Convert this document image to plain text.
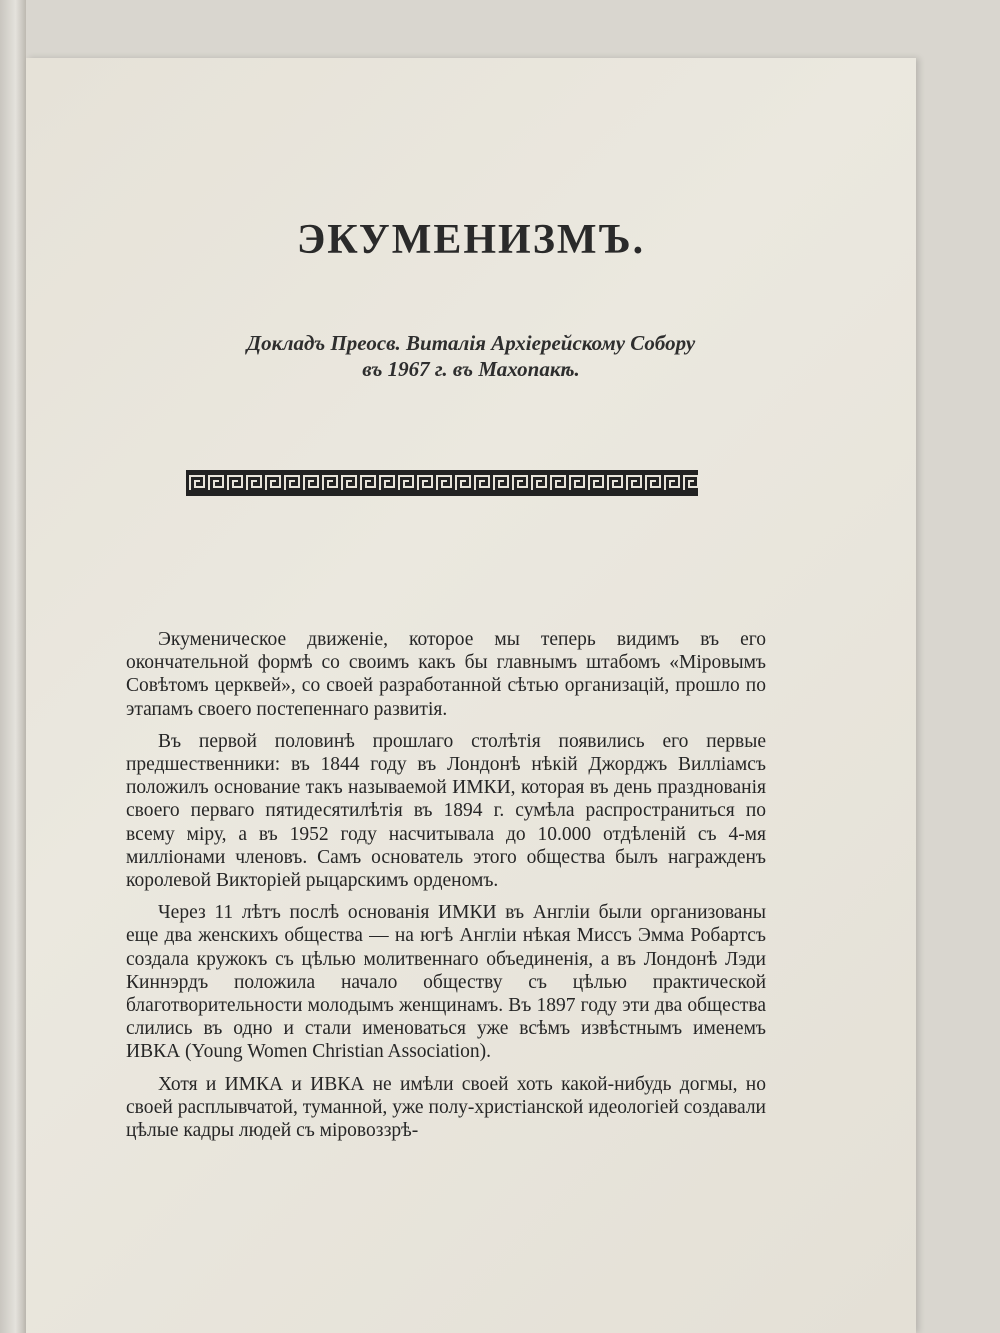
ЭКУМЕНИЗМЪ.
Докладъ Преосв. Виталія Архіерейскому Собору
въ 1967 г. въ Махопакѣ.

Экуменическое движеніе, которое мы теперь видимъ въ его окончательной формѣ со своимъ какъ бы главнымъ штабомъ «Міровымъ Совѣтомъ церквей», со своей разработанной сѣтью организацій, прошло по этапамъ своего постепеннаго развитія.

Въ первой половинѣ прошлаго столѣтія появились его первые предшественники: въ 1844 году въ Лондонѣ нѣкій Джорджъ Виллiамсъ положилъ основание такъ называемой ИМКИ, которая въ день празднованія своего перваго пятидесятилѣтія въ 1894 г. сумѣла распространиться по всему міру, а въ 1952 году насчитывала до 10.000 отдѣленій съ 4-мя миллiонами членовъ. Самъ основатель этого общества былъ награжденъ королевой Викторіей рыцарскимъ орденомъ.

Через 11 лѣтъ послѣ основанія ИМКИ въ Англіи были организованы еще два женскихъ общества — на югѣ Англіи нѣкая Миссъ Эмма Робартсъ создала кружокъ съ цѣлью молитвеннаго объединенія, а въ Лондонѣ Лэди Киннэрдъ положила начало обществу съ цѣлью практической благотворительности молодымъ женщинамъ. Въ 1897 году эти два общества слились въ одно и стали именоваться уже всѣмъ извѣстнымъ именемъ ИВКА (Young Women Christian Association).

Хотя и ИМКА и ИВКА не имѣли своей хоть какой-нибудь догмы, но своей расплывчатой, туманной, уже полу-христіанской идеологіей создавали цѣлые кадры людей съ міровоззрѣ-
